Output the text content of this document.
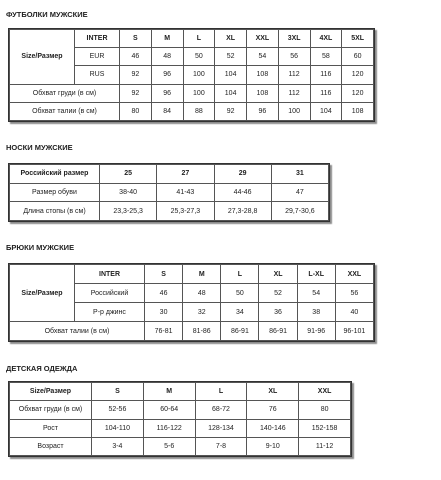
ФУТБОЛКИ МУЖСКИЕ
Size/Размер	INTER	S	M	L	XL	XXL	3XL	4XL	5XL
	EUR	46	48	50	52	54	56	58	60
	RUS	92	96	100	104	108	112	116	120
Обхват груди (в см)		92	96	100	104	108	112	116	120
Обхват талии (в см)		80	84	88	92	96	100	104	108
НОСКИ МУЖСКИЕ
Российский размер	25	27	29	31
Размер обуви	38-40	41-43	44-46	47
Длина стопы (в см)	23,3-25,3	25,3-27,3	27,3-28,8	29,7-30,6
БРЮКИ МУЖСКИЕ
Size/Размер	INTER	S	M	L	XL	L-XL	XXL
	Российский	46	48	50	52	54	56
	Р-р джинс	30	32	34	36	38	40
Обхват талии (в см)		76-81	81-86	86-91	86-91	91-96	96-101
ДЕТСКАЯ ОДЕЖДА
Size/Размер	S	M	L	XL	XXL
Обхват груди (в см)	52-56	60-64	68-72	76	80
Рост	104-110	116-122	128-134	140-146	152-158
Возраст	3-4	5-6	7-8	9-10	11-12
